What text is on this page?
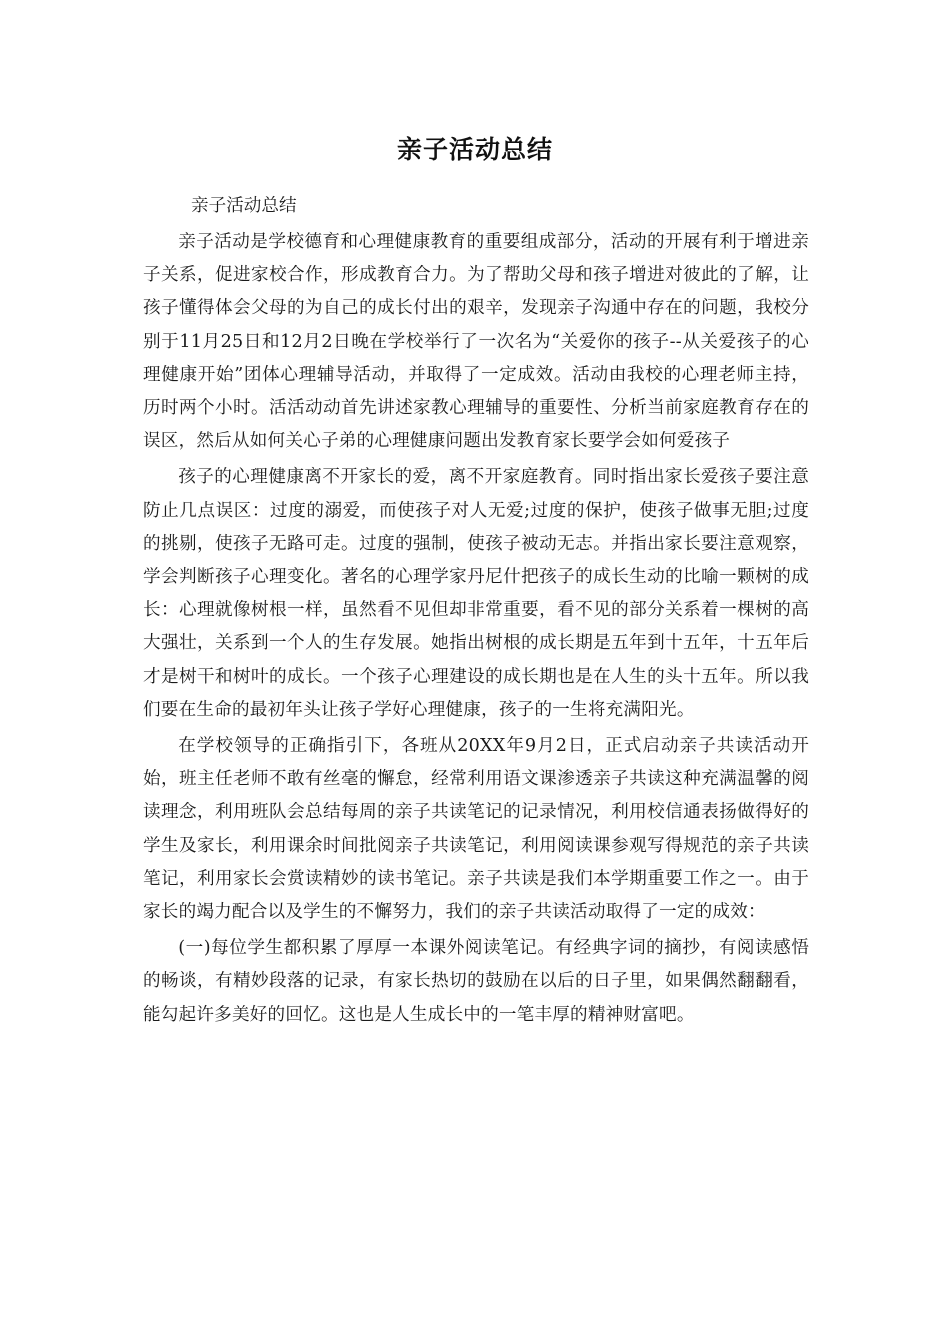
亲子活动总结

亲子活动总结

亲子活动是学校德育和心理健康教育的重要组成部分，活动的开展有利于增进亲子关系，促进家校合作，形成教育合力。为了帮助父母和孩子增进对彼此的了解，让孩子懂得体会父母的为自己的成长付出的艰辛，发现亲子沟通中存在的问题，我校分别于11月25日和12月2日晚在学校举行了一次名为“关爱你的孩子--从关爱孩子的心理健康开始”团体心理辅导活动，并取得了一定成效。活动由我校的心理老师主持，历时两个小时。活活动动首先讲述家教心理辅导的重要性、分析当前家庭教育存在的误区，然后从如何关心子弟的心理健康问题出发教育家长要学会如何爱孩子

孩子的心理健康离不开家长的爱，离不开家庭教育。同时指出家长爱孩子要注意防止几点误区：过度的溺爱，而使孩子对人无爱;过度的保护，使孩子做事无胆;过度的挑剔，使孩子无路可走。过度的强制，使孩子被动无志。并指出家长要注意观察，学会判断孩子心理变化。著名的心理学家丹尼什把孩子的成长生动的比喻一颗树的成长：心理就像树根一样，虽然看不见但却非常重要，看不见的部分关系着一棵树的高大强壮，关系到一个人的生存发展。她指出树根的成长期是五年到十五年，十五年后才是树干和树叶的成长。一个孩子心理建设的成长期也是在人生的头十五年。所以我们要在生命的最初年头让孩子学好心理健康，孩子的一生将充满阳光。

在学校领导的正确指引下，各班从20XX年9月2日，正式启动亲子共读活动开始，班主任老师不敢有丝毫的懈怠，经常利用语文课渗透亲子共读这种充满温馨的阅读理念，利用班队会总结每周的亲子共读笔记的记录情况，利用校信通表扬做得好的学生及家长，利用课余时间批阅亲子共读笔记，利用阅读课参观写得规范的亲子共读笔记，利用家长会赏读精妙的读书笔记。亲子共读是我们本学期重要工作之一。由于家长的竭力配合以及学生的不懈努力，我们的亲子共读活动取得了一定的成效：

(一)每位学生都积累了厚厚一本课外阅读笔记。有经典字词的摘抄，有阅读感悟的畅谈，有精妙段落的记录，有家长热切的鼓励在以后的日子里，如果偶然翻翻看，能勾起许多美好的回忆。这也是人生成长中的一笔丰厚的精神财富吧。
